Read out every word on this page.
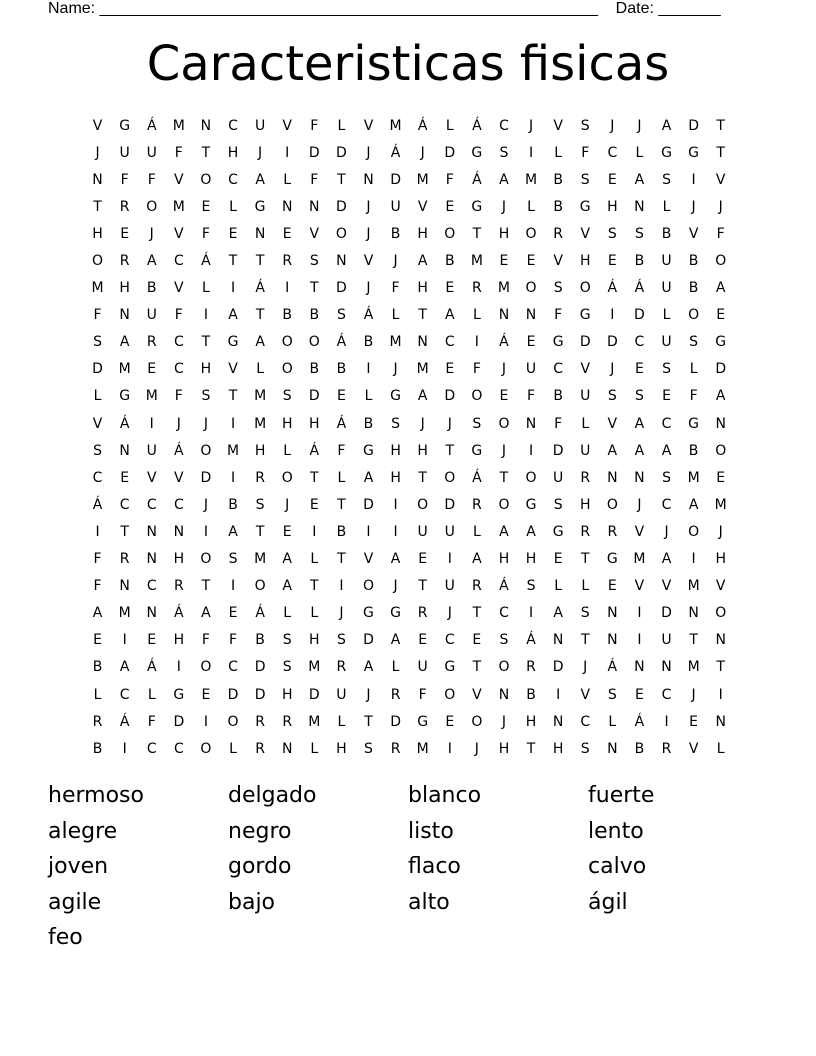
Name: ________________________________________________________ Date: _______
Caracteristicas fisicas
V	G	Á	M	N	C	U	V	F	L	V	M	Á	L	Á	C	J	V	S	J	J	A	D	T
J	U	U	F	T	H	J	I	D	D	J	Á	J	D	G	S	I	L	F	C	L	G	G	T
N	F	F	V	O	C	A	L	F	T	N	D	M	F	Á	A	M	B	S	E	A	S	I	V
T	R	O	M	E	L	G	N	N	D	J	U	V	E	G	J	L	B	G	H	N	L	J	J
H	E	J	V	F	E	N	E	V	O	J	B	H	O	T	H	O	R	V	S	S	B	V	F
O	R	A	C	Á	T	T	R	S	N	V	J	A	B	M	E	E	V	H	E	B	U	B	O
M	H	B	V	L	I	Á	I	T	D	J	F	H	E	R	M	O	S	O	Á	Á	U	B	A
F	N	U	F	I	A	T	B	B	S	Á	L	T	A	L	N	N	F	G	I	D	L	O	E
S	A	R	C	T	G	A	O	O	Á	B	M	N	C	I	Á	E	G	D	D	C	U	S	G
D	M	E	C	H	V	L	O	B	B	I	J	M	E	F	J	U	C	V	J	E	S	L	D
L	G	M	F	S	T	M	S	D	E	L	G	A	D	O	E	F	B	U	S	S	E	F	A
V	Á	I	J	J	I	M	H	H	Á	B	S	J	J	S	O	N	F	L	V	A	C	G	N
S	N	U	Á	O	M	H	L	Á	F	G	H	H	T	G	J	I	D	U	A	A	A	B	O
C	E	V	V	D	I	R	O	T	L	A	H	T	O	Á	T	O	U	R	N	N	S	M	E
Á	C	C	C	J	B	S	J	E	T	D	I	O	D	R	O	G	S	H	O	J	C	A	M
I	T	N	N	I	A	T	E	I	B	I	I	U	U	L	A	A	G	R	R	V	J	O	J
F	R	N	H	O	S	M	A	L	T	V	A	E	I	A	H	H	E	T	G	M	A	I	H
F	N	C	R	T	I	O	A	T	I	O	J	T	U	R	Á	S	L	L	E	V	V	M	V
A	M	N	Á	A	E	Á	L	L	J	G	G	R	J	T	C	I	A	S	N	I	D	N	O
E	I	E	H	F	F	B	S	H	S	D	A	E	C	E	S	Á	N	T	N	I	U	T	N
B	A	Á	I	O	C	D	S	M	R	A	L	U	G	T	O	R	D	J	Á	N	N	M	T
L	C	L	G	E	D	D	H	D	U	J	R	F	O	V	N	B	I	V	S	E	C	J	I
R	Á	F	D	I	O	R	R	M	L	T	D	G	E	O	J	H	N	C	L	Á	I	E	N
B	I	C	C	O	L	R	N	L	H	S	R	M	I	J	H	T	H	S	N	B	R	V	L
hermoso	delgado	blanco	fuerte
alegre	negro	listo	lento
joven	gordo	flaco	calvo
agile	bajo	alto	ágil
feo
